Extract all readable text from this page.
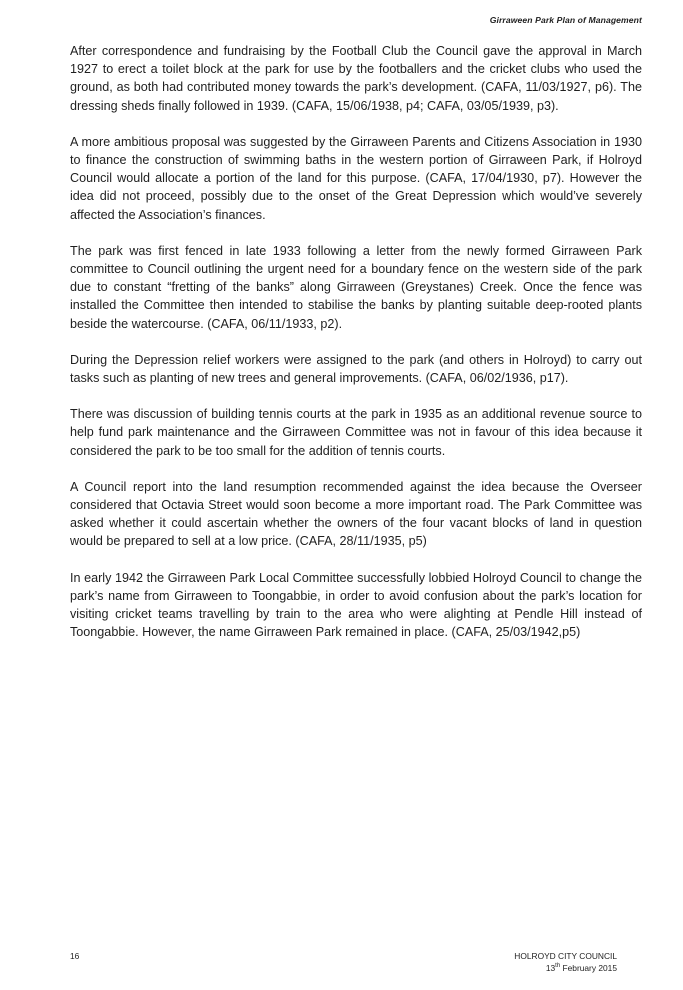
Girraween Park Plan of Management

After correspondence and fundraising by the Football Club the Council gave the approval in March 1927 to erect a toilet block at the park for use by the footballers and the cricket clubs who used the ground, as both had contributed money towards the park’s development. (CAFA, 11/03/1927, p6). The dressing sheds finally followed in 1939. (CAFA, 15/06/1938, p4; CAFA, 03/05/1939, p3).

A more ambitious proposal was suggested by the Girraween Parents and Citizens Association in 1930 to finance the construction of swimming baths in the western portion of Girraween Park, if Holroyd Council would allocate a portion of the land for this purpose. (CAFA, 17/04/1930, p7). However the idea did not proceed, possibly due to the onset of the Great Depression which would’ve severely affected the Association’s finances.

The park was first fenced in late 1933 following a letter from the newly formed Girraween Park committee to Council outlining the urgent need for a boundary fence on the western side of the park due to constant “fretting of the banks” along Girraween (Greystanes) Creek. Once the fence was installed the Committee then intended to stabilise the banks by planting suitable deep-rooted plants beside the watercourse. (CAFA, 06/11/1933, p2).

During the Depression relief workers were assigned to the park (and others in Holroyd) to carry out tasks such as planting of new trees and general improvements. (CAFA, 06/02/1936, p17).

There was discussion of building tennis courts at the park in 1935 as an additional revenue source to help fund park maintenance and the Girraween Committee was not in favour of this idea because it considered the park to be too small for the addition of tennis courts.

A Council report into the land resumption recommended against the idea because the Overseer considered that Octavia Street would soon become a more important road. The Park Committee was asked whether it could ascertain whether the owners of the four vacant blocks of land in question would be prepared to sell at a low price. (CAFA, 28/11/1935, p5)

In early 1942 the Girraween Park Local Committee successfully lobbied Holroyd Council to change the park’s name from Girraween to Toongabbie, in order to avoid confusion about the park’s location for visiting cricket teams travelling by train to the area who were alighting at Pendle Hill instead of Toongabbie. However, the name Girraween Park remained in place. (CAFA, 25/03/1942,p5)

16	HOLROYD CITY COUNCIL
13th February 2015
